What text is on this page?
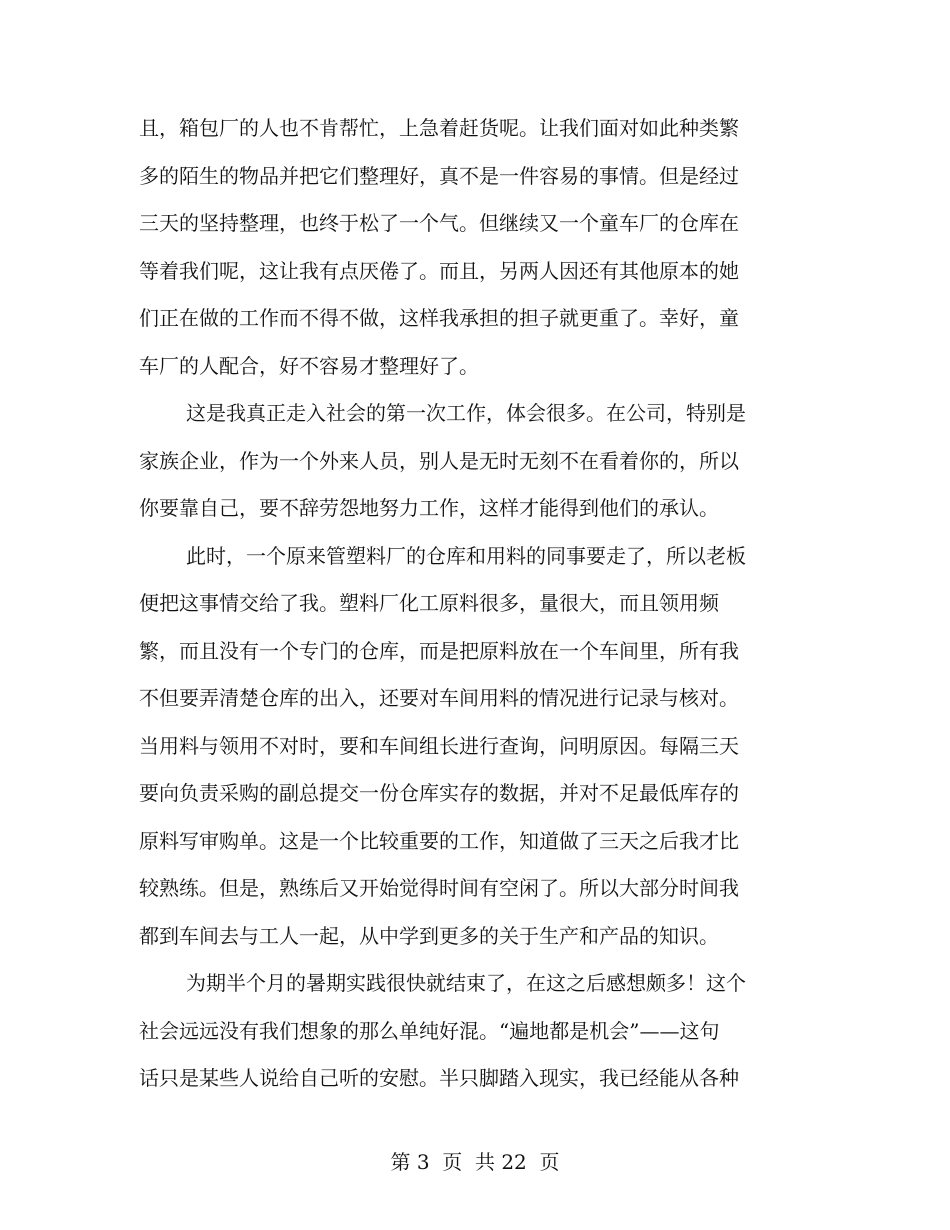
且，箱包厂的人也不肯帮忙，上急着赶货呢。让我们面对如此种类繁
多的陌生的物品并把它们整理好，真不是一件容易的事情。但是经过
三天的坚持整理，也终于松了一个气。但继续又一个童车厂的仓库在
等着我们呢，这让我有点厌倦了。而且，另两人因还有其他原本的她
们正在做的工作而不得不做，这样我承担的担子就更重了。幸好，童
车厂的人配合，好不容易才整理好了。
这是我真正走入社会的第一次工作，体会很多。在公司，特别是
家族企业，作为一个外来人员，别人是无时无刻不在看着你的，所以
你要靠自己，要不辞劳怨地努力工作，这样才能得到他们的承认。
此时，一个原来管塑料厂的仓库和用料的同事要走了，所以老板
便把这事情交给了我。塑料厂化工原料很多，量很大，而且领用频
繁，而且没有一个专门的仓库，而是把原料放在一个车间里，所有我
不但要弄清楚仓库的出入，还要对车间用料的情况进行记录与核对。
当用料与领用不对时，要和车间组长进行查询，问明原因。每隔三天
要向负责采购的副总提交一份仓库实存的数据，并对不足最低库存的
原料写审购单。这是一个比较重要的工作，知道做了三天之后我才比
较熟练。但是，熟练后又开始觉得时间有空闲了。所以大部分时间我
都到车间去与工人一起，从中学到更多的关于生产和产品的知识。
为期半个月的暑期实践很快就结束了，在这之后感想颇多！这个
社会远远没有我们想象的那么单纯好混。“遍地都是机会”——这句
话只是某些人说给自己听的安慰。半只脚踏入现实，我已经能从各种
第 3  页  共 22  页
